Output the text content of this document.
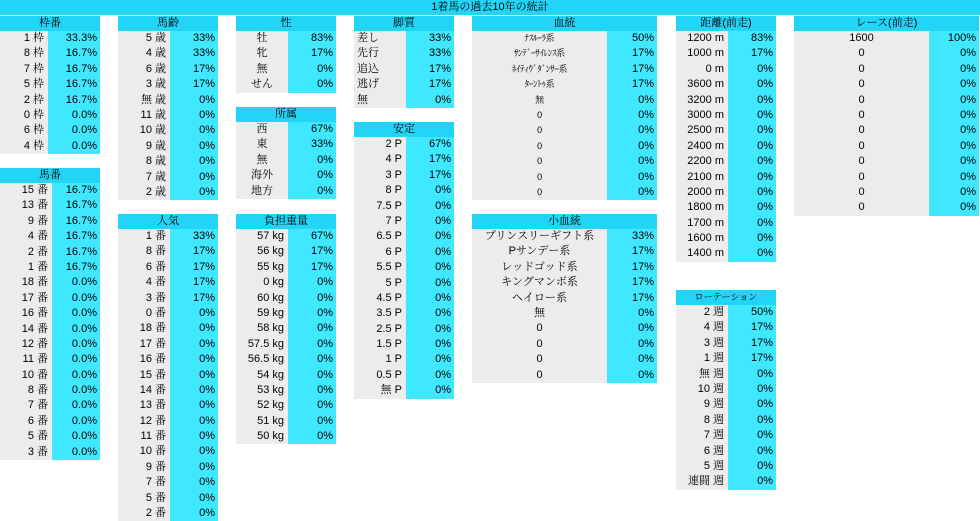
1着馬の過去10年の統計
枠番
1 枠	33.3%
8 枠	16.7%
7 枠	16.7%
5 枠	16.7%
2 枠	16.7%
0 枠	0.0%
6 枠	0.0%
4 枠	0.0%
馬番
15 番	16.7%
13 番	16.7%
9 番	16.7%
4 番	16.7%
2 番	16.7%
1 番	16.7%
18 番	0.0%
17 番	0.0%
16 番	0.0%
14 番	0.0%
12 番	0.0%
11 番	0.0%
10 番	0.0%
8 番	0.0%
7 番	0.0%
6 番	0.0%
5 番	0.0%
3 番	0.0%
馬齢
5 歳	33%
4 歳	33%
6 歳	17%
3 歳	17%
無 歳	0%
11 歳	0%
10 歳	0%
9 歳	0%
8 歳	0%
7 歳	0%
2 歳	0%
人気
1 番	33%
8 番	17%
6 番	17%
4 番	17%
3 番	17%
0 番	0%
18 番	0%
17 番	0%
16 番	0%
15 番	0%
14 番	0%
13 番	0%
12 番	0%
11 番	0%
10 番	0%
9 番	0%
7 番	0%
5 番	0%
2 番	0%
性
牡	83%
牝	17%
無	0%
せん	0%
所属
西	67%
東	33%
無	0%
海外	0%
地方	0%
負担重量
57 kg	67%
56 kg	17%
55 kg	17%
0 kg	0%
60 kg	0%
59 kg	0%
58 kg	0%
57.5 kg	0%
56.5 kg	0%
54 kg	0%
53 kg	0%
52 kg	0%
51 kg	0%
50 kg	0%
脚質
差し	33%
先行	33%
追込	17%
逃げ	17%
無	0%
安定
2 P	67%
4 P	17%
3 P	17%
8 P	0%
7.5 P	0%
7 P	0%
6.5 P	0%
6 P	0%
5.5 P	0%
5 P	0%
4.5 P	0%
3.5 P	0%
2.5 P	0%
1.5 P	0%
1 P	0%
0.5 P	0%
無 P	0%
血統
ﾅｽﾙｰﾗ系	50%
ｻﾝﾃﾞｰｻｲﾚﾝｽ系	17%
ﾈｲﾃｨｳﾞﾀﾞﾝｻｰ系	17%
ﾀｰﾝﾄｩ系	17%
無	0%
0	0%
0	0%
0	0%
0	0%
0	0%
0	0%
小血統
プリンスリーギフト系	33%
Pサンデー系	17%
レッドゴッド系	17%
キングマンボ系	17%
ヘイロー系	17%
無	0%
0	0%
0	0%
0	0%
0	0%
距離(前走)
1200 m	83%
1000 m	17%
0 m	0%
3600 m	0%
3200 m	0%
3000 m	0%
2500 m	0%
2400 m	0%
2200 m	0%
2100 m	0%
2000 m	0%
1800 m	0%
1700 m	0%
1600 m	0%
1400 m	0%
ローテーション
2 週	50%
4 週	17%
3 週	17%
1 週	17%
無 週	0%
10 週	0%
9 週	0%
8 週	0%
7 週	0%
6 週	0%
5 週	0%
連闘 週	0%
レース(前走)
1600	100%
0	0%
0	0%
0	0%
0	0%
0	0%
0	0%
0	0%
0	0%
0	0%
0	0%
0	0%
